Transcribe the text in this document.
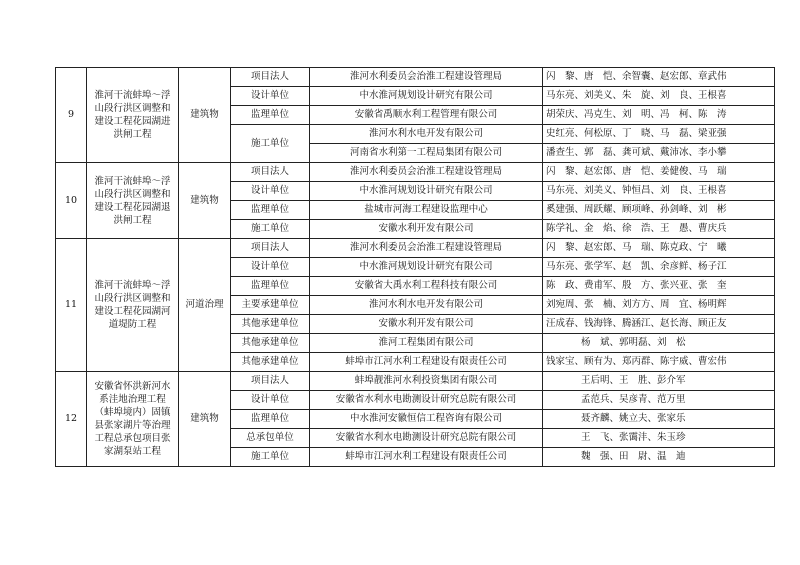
9	淮河干流蚌埠～浮山段行洪区调整和建设工程花园湖进洪闸工程	建筑物	项目法人	淮河水利委员会治淮工程建设管理局	闪　黎、唐　恺、余智囊、赵宏郎、章武伟
			设计单位	中水淮河规划设计研究有限公司	马东亮、刘美义、朱　旋、刘　良、王根喜
			监理单位	安徽省禹顺水利工程管理有限公司	胡荣庆、冯克生、刘　明、冯　柯、陈　涛
			施工单位	淮河水利水电开发有限公司	史红亮、何松原、丁　晓、马　磊、梁亚强
				河南省水利第一工程局集团有限公司	潘查生、郭　磊、龚可斌、戴沛冰、李小攀
10	淮河干流蚌埠～浮山段行洪区调整和建设工程花园湖退洪闸工程	建筑物	项目法人	淮河水利委员会治淮工程建设管理局	闪　黎、赵宏郎、唐　恺、姜健俊、马　瑞
			设计单位	中水淮河规划设计研究有限公司	马东亮、刘美义、钟恒昌、刘　良、王根喜
			监理单位	盐城市河海工程建设监理中心	奚建强、周跃耀、顾项峰、孙剑峰、刘　彬
			施工单位	安徽水利开发有限公司	陈学礼、金　焰、徐　浩、王　愚、曹庆兵
11	淮河干流蚌埠～浮山段行洪区调整和建设工程花园湖河道堤防工程	河道治理	项目法人	淮河水利委员会治淮工程建设管理局	闪　黎、赵宏郎、马　瑞、陈克政、宁　曦
			设计单位	中水淮河规划设计研究有限公司	马东亮、张学军、赵　凯、余彦鲜、杨子江
			监理单位	安徽省大禹水利工程科技有限公司	陈　政、费甫军、殷　方、张兴亚、张　奎
			主要承建单位	淮河水利水电开发有限公司	刘宛周、张　楠、刘方方、周　宜、杨明辉
			其他承建单位	安徽水利开发有限公司	汪成春、钱海锋、腾涵江、赵长海、顾正友
			其他承建单位	淮河工程集团有限公司	杨　斌、郭明磊、刘　松
			其他承建单位	蚌埠市江河水利工程建设有限责任公司	钱家宝、顾有为、郑丙群、陈宇威、曹宏伟
12	安徽省怀洪新河水系洼地治理工程（蚌埠境内）固镇县张家湖片等治理工程总承包项目张家湖泵站工程	建筑物	项目法人	蚌埠靓淮河水利投资集团有限公司	王后明、王　胜、彭介军
			设计单位	安徽省水利水电勘测设计研究总院有限公司	孟范兵、吴彦青、范万里
			监理单位	中水淮河安徽恒信工程咨询有限公司	聂齐麟、姚立夫、张家乐
			总承包单位	安徽省水利水电勘测设计研究总院有限公司	王　飞、张霭沣、朱玉珍
			施工单位	蚌埠市江河水利工程建设有限责任公司	魏　强、田　尉、温　迪
